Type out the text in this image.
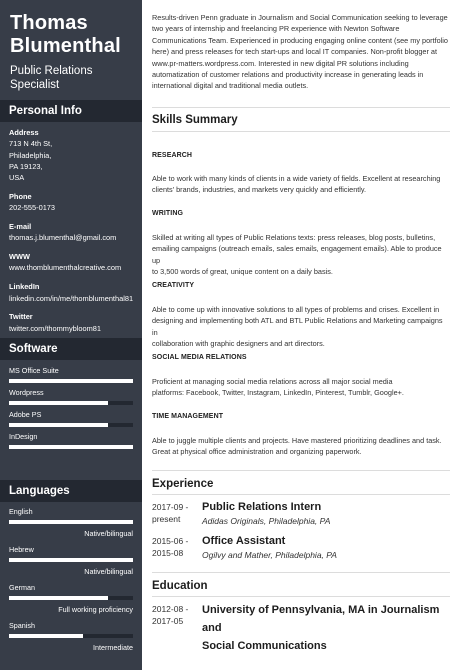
Thomas
Blumenthal
Public Relations
Specialist
Personal Info
Address
713 N 4th St,
Philadelphia,
PA 19123,
USA
Phone
202-555-0173
E-mail
thomas.j.blumenthal@gmail.com
WWW
www.thomblumenthalcreative.com
LinkedIn
linkedin.com/in/me/thomblumenthal81
Twitter
twitter.com/thommybloom81
Software
MS Office Suite
Wordpress
Adobe PS
InDesign
Languages
English
Native/bilingual
Hebrew
Native/bilingual
German
Full working proficiency
Spanish
Intermediate
Results-driven Penn graduate in Journalism and Social Communication seeking to leverage
two years of internship and freelancing PR experience with Newton Software
Communications Team. Experienced in producing engaging online content (see my portfolio
here) and press releases for tech start-ups and local IT companies. Non-profit blogger at
www.pr-matters.wordpress.com. Interested in new digital PR solutions including
automatization of customer relations and productivity increase in generating leads in
international digital and traditional media outlets.
Skills Summary
RESEARCH
Able to work with many kinds of clients in a wide variety of fields. Excellent at researching
clients' brands, industries, and markets very quickly and efficiently.
WRITING
Skilled at writing all types of Public Relations texts: press releases, blog posts, bulletins,
emailing campaigns (outreach emails, sales emails, engagement emails). Able to produce up
to 3,500 words of great, unique content on a daily basis.
CREATIVITY
Able to come up with innovative solutions to all types of problems and crises. Excellent in
designing and implementing both ATL and BTL Public Relations and Marketing campaigns in
collaboration with graphic designers and art directors.
SOCIAL MEDIA RELATIONS
Proficient at managing social media relations across all major social media
platforms: Facebook, Twitter, Instagram, LinkedIn, Pinterest, Tumblr, Google+.
TIME MANAGEMENT
Able to juggle multiple clients and projects. Have mastered prioritizing deadlines and task.
Great at physical office administration and organizing paperwork.
Experience
2017-09 -
present
Public Relations Intern
Adidas Originals, Philadelphia, PA
2015-06 -
2015-08
Office Assistant
Ogilvy and Mather, Philadelphia, PA
Education
2012-08 -
2017-05
University of Pennsylvania, MA in Journalism and
Social Communications
